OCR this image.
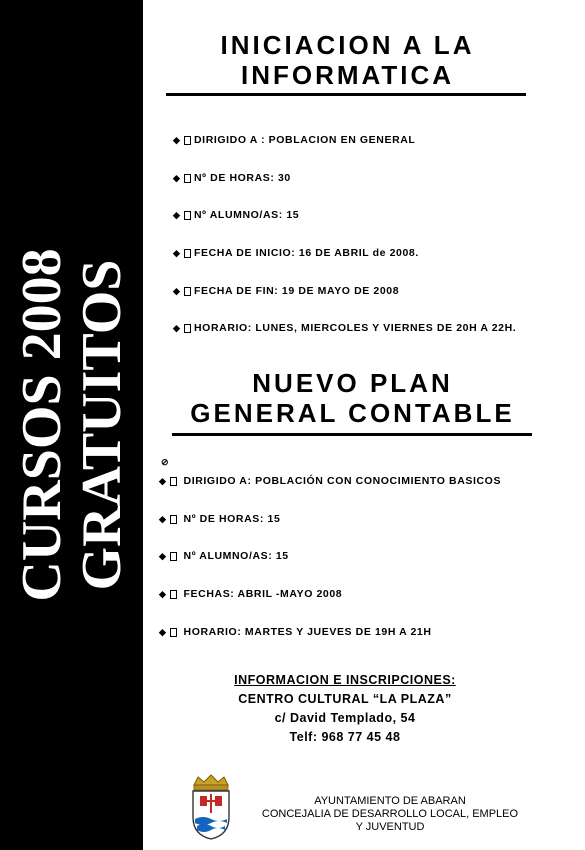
CURSOS 2008
GRATUITOS
INICIACION A LA
INFORMATICA
◆ DIRIGIDO A : POBLACION EN GENERAL
◆ Nº DE HORAS: 30
◆ Nº ALUMNO/AS: 15
◆ FECHA DE INICIO: 16 DE ABRIL de 2008.
◆ FECHA DE FIN: 19 DE MAYO DE 2008
◆ HORARIO: LUNES, MIERCOLES Y VIERNES DE 20H A 22H.
NUEVO PLAN
GENERAL CONTABLE
⊘
◆
DIRIGIDO A: POBLACIÓN CON CONOCIMIENTO BASICOS
◆
Nº DE HORAS: 15
◆
Nº ALUMNO/AS: 15
◆
FECHAS: ABRIL -MAYO 2008
◆
HORARIO: MARTES Y JUEVES DE 19H A 21H
INFORMACION E INSCRIPCIONES:
CENTRO CULTURAL “LA PLAZA”
c/ David Templado, 54
Telf: 968 77 45 48
AYUNTAMIENTO DE ABARAN
CONCEJALIA DE DESARROLLO LOCAL, EMPLEO
Y JUVENTUD
